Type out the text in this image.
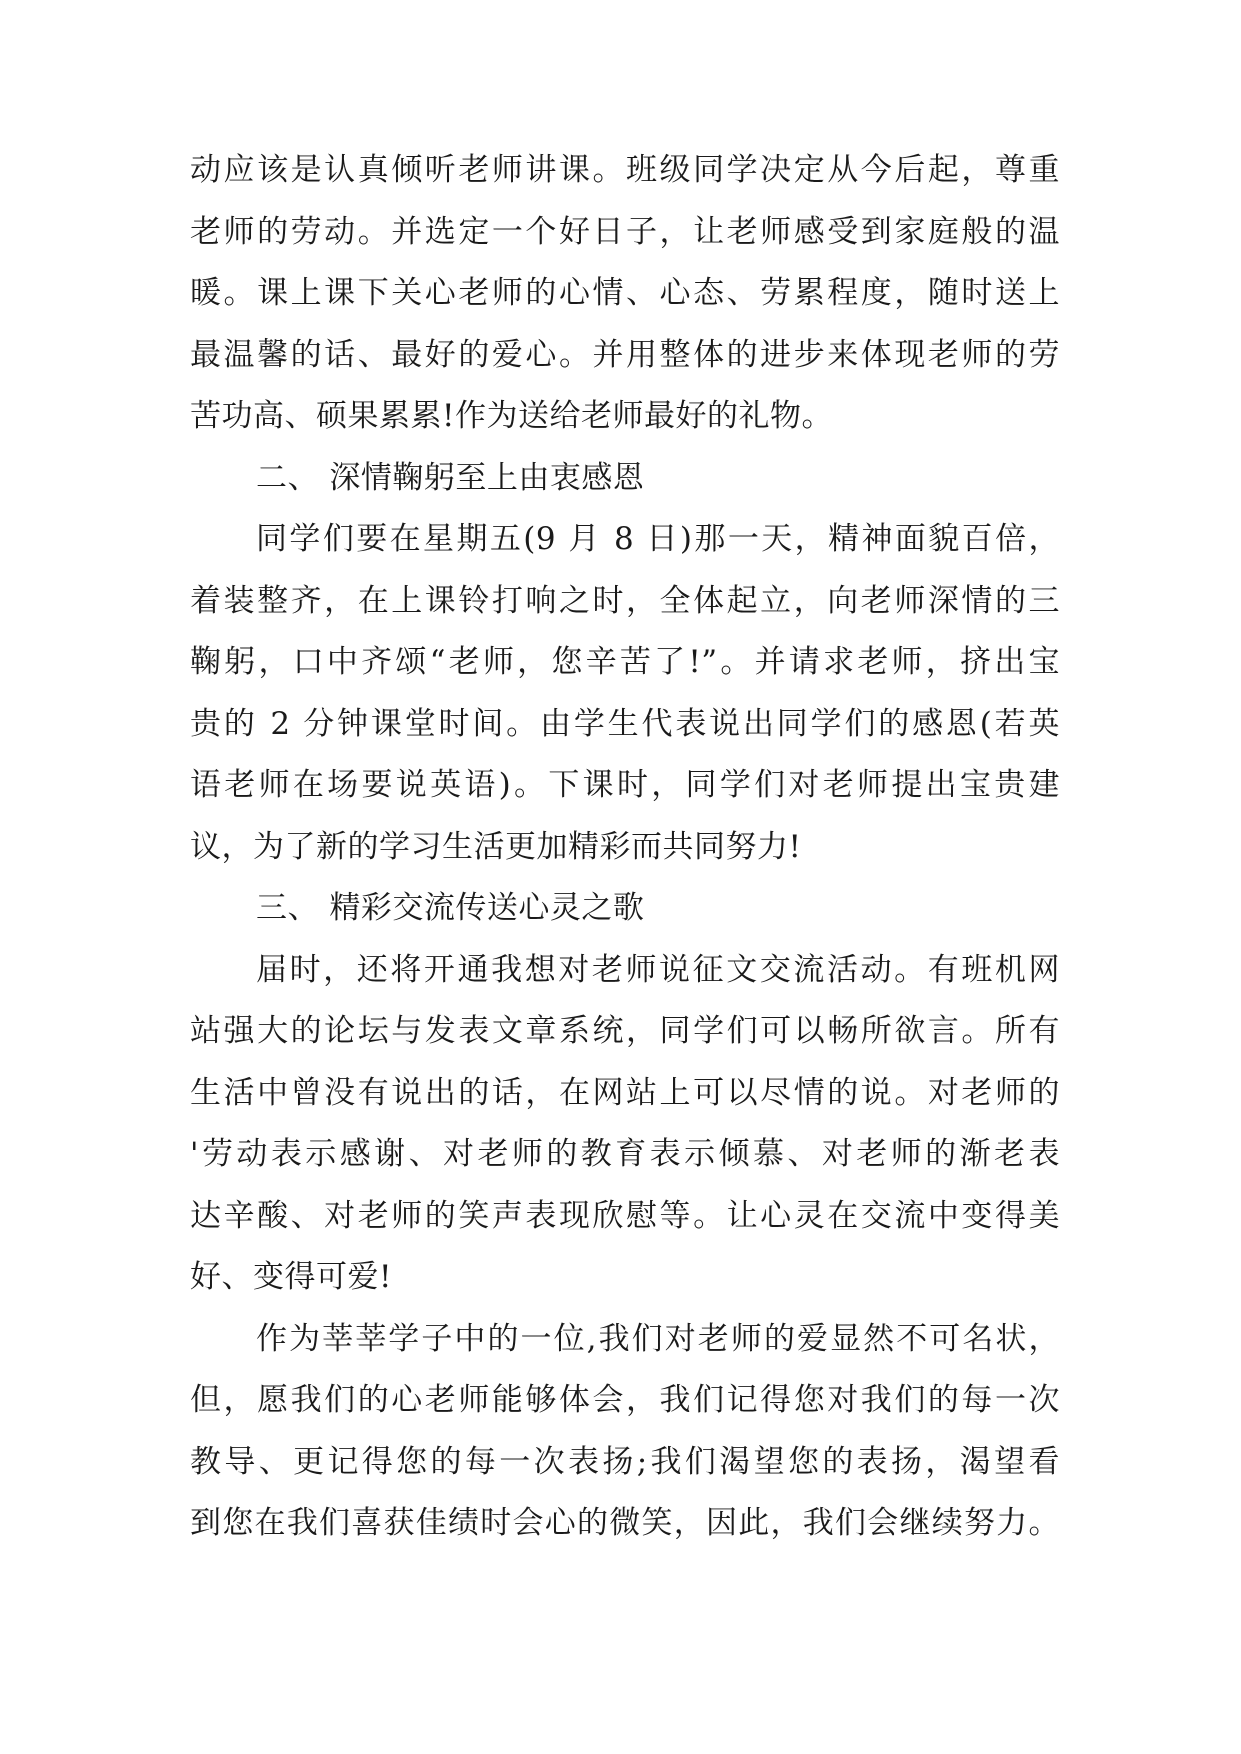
动应该是认真倾听老师讲课。班级同学决定从今后起，尊重
老师的劳动。并选定一个好日子，让老师感受到家庭般的温
暖。课上课下关心老师的心情、心态、劳累程度，随时送上
最温馨的话、最好的爱心。并用整体的进步来体现老师的劳
苦功高、硕果累累!作为送给老师最好的礼物。
二、 深情鞠躬至上由衷感恩
同学们要在星期五(9 月 8 日)那一天，精神面貌百倍，
着装整齐，在上课铃打响之时，全体起立，向老师深情的三
鞠躬，口中齐颂“老师，您辛苦了!”。并请求老师，挤出宝
贵的 2 分钟课堂时间。由学生代表说出同学们的感恩(若英
语老师在场要说英语)。下课时，同学们对老师提出宝贵建
议，为了新的学习生活更加精彩而共同努力!
三、 精彩交流传送心灵之歌
届时，还将开通我想对老师说征文交流活动。有班机网
站强大的论坛与发表文章系统，同学们可以畅所欲言。所有
生活中曾没有说出的话，在网站上可以尽情的说。对老师的
'劳动表示感谢、对老师的教育表示倾慕、对老师的渐老表
达辛酸、对老师的笑声表现欣慰等。让心灵在交流中变得美
好、变得可爱!
作为莘莘学子中的一位,我们对老师的爱显然不可名状，
但，愿我们的心老师能够体会，我们记得您对我们的每一次
教导、更记得您的每一次表扬;我们渴望您的表扬，渴望看
到您在我们喜获佳绩时会心的微笑，因此，我们会继续努力。
